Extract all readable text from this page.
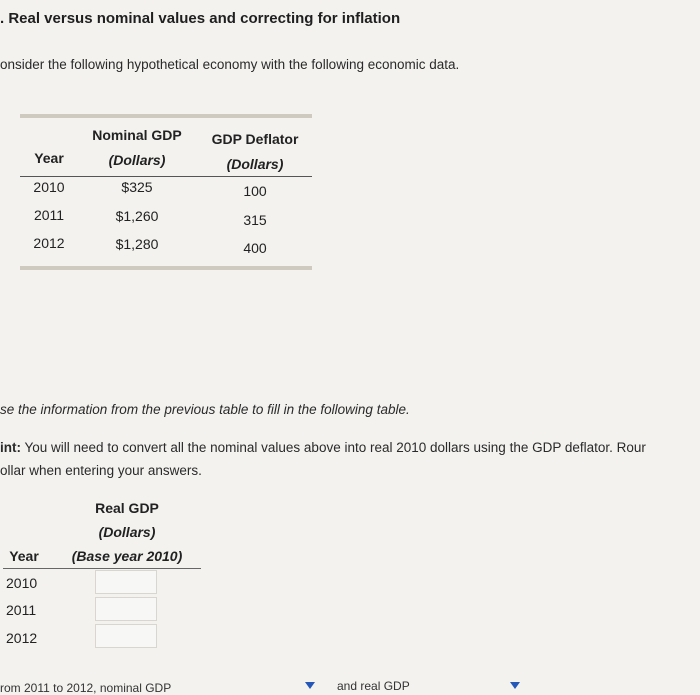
. Real versus nominal values and correcting for inflation
onsider the following hypothetical economy with the following economic data.
Nominal GDP	GDP Deflator
Year	(Dollars)	(Dollars)
2010	$325	100
2011	$1,260	315
2012	$1,280	400
se the information from the previous table to fill in the following table.
int: You will need to convert all the nominal values above into real 2010 dollars using the GDP deflator. Rour
ollar when entering your answers.
Real GDP
(Dollars)
Year	(Base year 2010)
2010
2011
2012
rom 2011 to 2012, nominal GDP	and real GDP
